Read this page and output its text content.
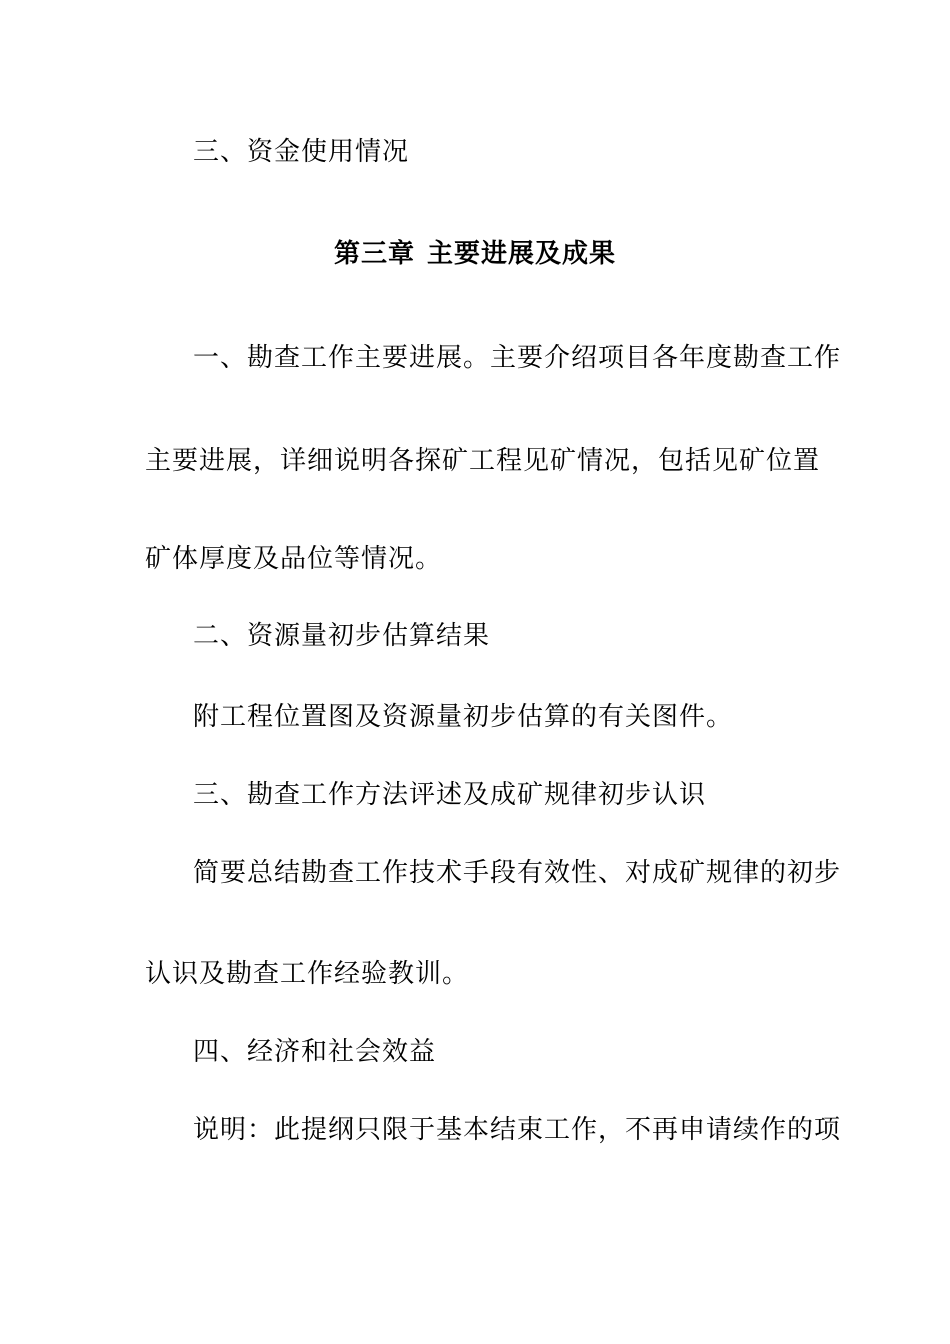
三、资金使用情况
第三章 主要进展及成果
一、勘查工作主要进展。主要介绍项目各年度勘查工作
主要进展，详细说明各探矿工程见矿情况，包括见矿位置
矿体厚度及品位等情况。
二、资源量初步估算结果
附工程位置图及资源量初步估算的有关图件。
三、勘查工作方法评述及成矿规律初步认识
简要总结勘查工作技术手段有效性、对成矿规律的初步
认识及勘查工作经验教训。
四、经济和社会效益
说明：此提纲只限于基本结束工作，不再申请续作的项
